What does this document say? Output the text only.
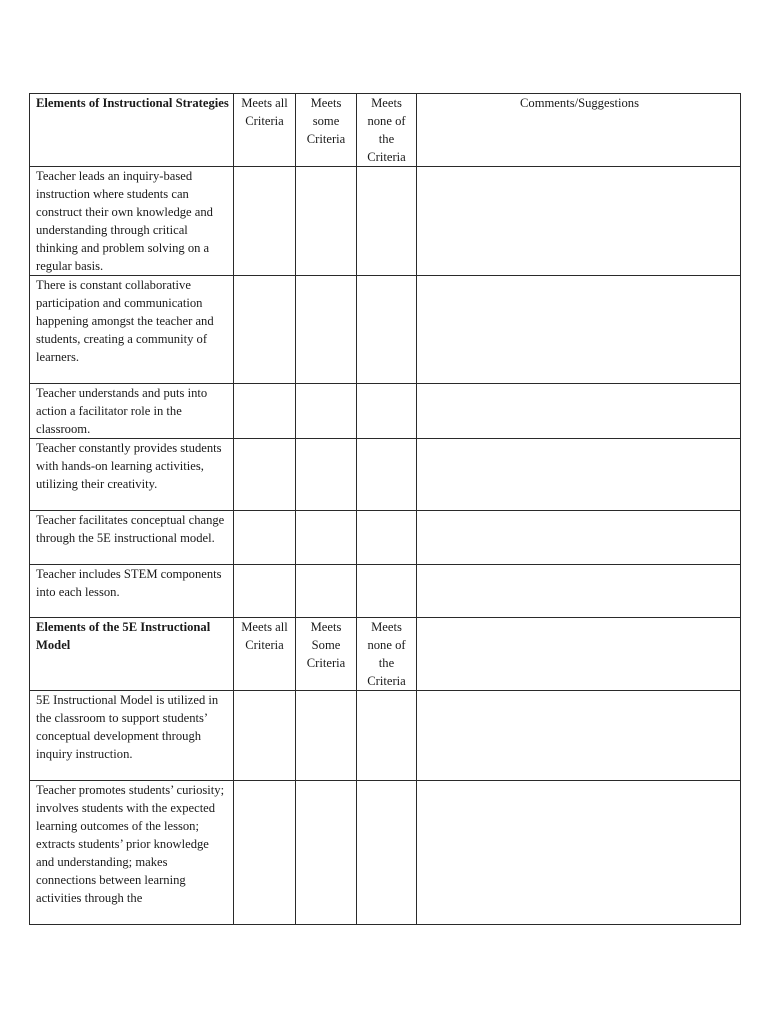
Elements of Instructional Strategies	Meets all Criteria	Meets some Criteria	Meets none of the Criteria	Comments/Suggestions
Teacher leads an inquiry-based instruction where students can construct their own knowledge and understanding through critical thinking and problem solving on a regular basis.				
There is constant collaborative participation and communication happening amongst the teacher and students, creating a community of learners.				
Teacher understands and puts into action a facilitator role in the classroom.				
Teacher constantly provides students with hands-on learning activities, utilizing their creativity.				
Teacher facilitates conceptual change through the 5E instructional model.				
Teacher includes STEM components into each lesson.				
Elements of the 5E Instructional Model	Meets all Criteria	Meets Some Criteria	Meets none of the Criteria	
5E Instructional Model is utilized in the classroom to support students’ conceptual development through inquiry instruction.				
Teacher promotes students’ curiosity; involves students with the expected learning outcomes of the lesson; extracts students’ prior knowledge and understanding; makes connections between learning activities through the				
